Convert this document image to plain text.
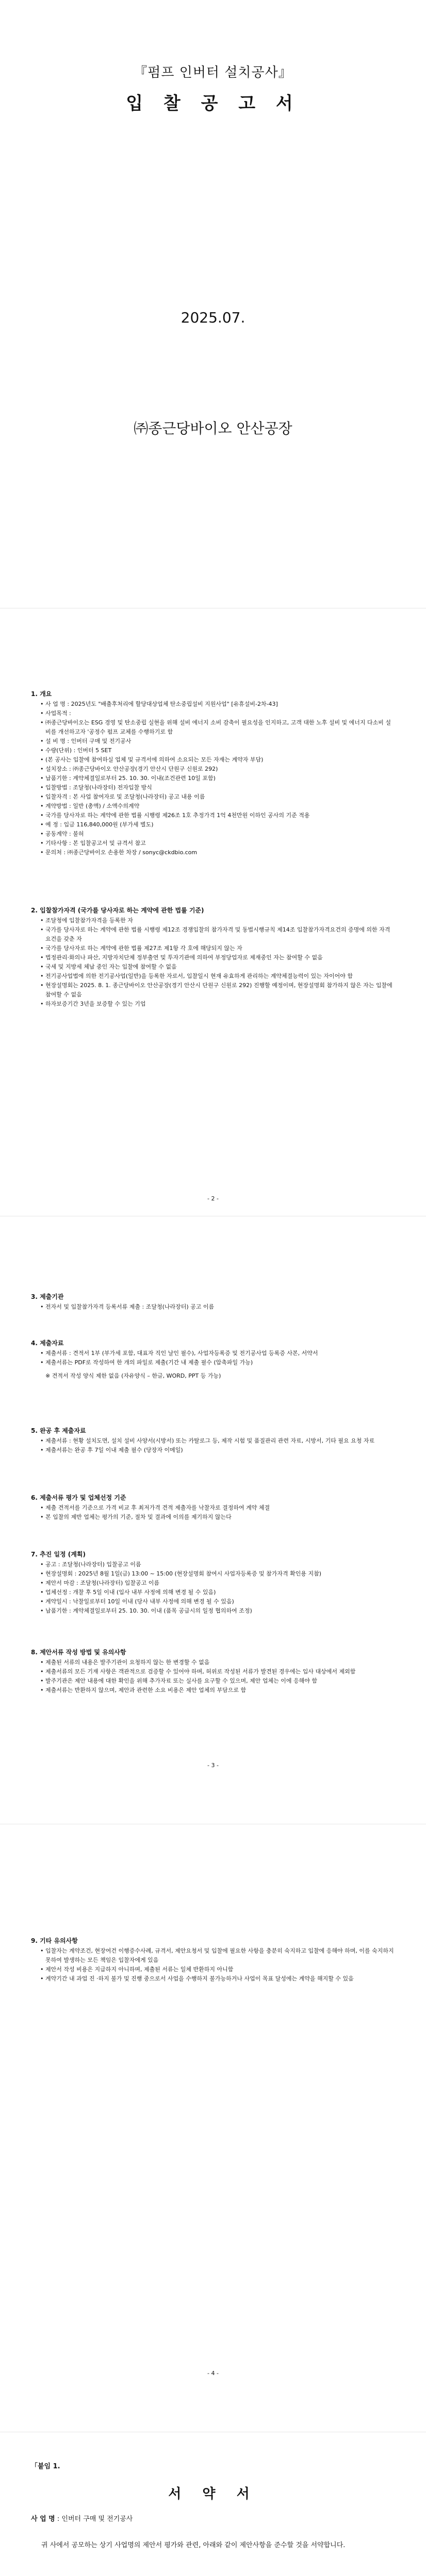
『펌프 인버터 설치공사』
입 찰 공 고 서
2025.07.
㈜종근당바이오 안산공장
1. 개요
• 사 업 명 : 2025년도 "배출후처리에 할당대상업체 탄소중립설비 지원사업" [유휴설비-2차-43]
• 사업목적 :
• ㈜종근당바이오는 ESG 경영 및 탄소중립 실현을 위해 설비 에너지 소비 감축이 필요성을 인지하고, 고객 대한 노후 설비 및 에너지 다소비 설비를 개선하고자 '공정수 펌프 교체를 수행하기로 함
• 설 비 명 : 인버터 구매 및 전기공사
• 수량(단위) : 인버터 5 SET
• (본 공사는 입찰에 참여하실 업체 및 규격서에 의하여 소요되는 모든 자재는 계약자 부담)
• 설치장소 : ㈜종근당바이오 안산공장(경기 안산시 단원구 신원로 292)
• 납품기한 : 계약체결일로부터 25. 10. 30. 이내(조건관련 10일 포함)
• 입찰방법 : 조달청(나라장터) 전자입찰 방식
• 입찰자격 : 본 사업 참여자로 및 조달청(나라장터) 공고 내용 이름
• 계약방법 : 일반 (총액) / 소액수의계약
• 국가를 당사자로 하는 계약에 관한 법률 시행령 제26조 1호 추정가격 1억 4천만원 이하인 공사의 기준 적용
• 예 정 : 입금 116,840,000원 (부가세 별도)
• 공동계약 : 불허
• 기타사항 : 본 입찰공고서 및 규격서 참고
• 문의처 : ㈜종근당바이오 손용한 차장 / sonyc@ckdbio.com
2. 입찰참가자격 (국가를 당사자로 하는 계약에 관한 법률 기준)
• 조달청에 입찰참가자격을 등록한 자
• 국가를 당사자로 하는 계약에 관한 법률 시행령 제12조 경쟁입찰의 참가자격 및 동법시행규칙 제14조 입찰참가자격요건의 증명에 의한 자격 요건을 갖춘 자
• 국가를 당사자로 하는 계약에 관한 법률 제27조 제1항 각 호에 해당되지 않는 자
• 법정관리·화의나 파산, 지방자치단체 정부출연 및 투자기관에 의하여 부정당업자로 제재중인 자는 참여할 수 없음
• 국세 및 지방세 체납 중인 자는 입찰에 참여할 수 없음
• 전기공사업법에 의한 전기공사업(일반)을 등록한 자로서, 입찰일시 현재 유효하게 관리하는 계약체결능력이 있는 자이어야 함
• 현장설명회는 2025. 8. 1. 종근당바이오 안산공장(경기 안산시 단원구 신원로 292) 진행할 예정이며, 현장설명회 참가하지 않은 자는 입찰에 참여할 수 없음
• 하자보증기간 3년을 보증할 수 있는 기업
- 2 -
3. 제출기관
• 전자서 및 입찰참가자격 등록서류 제출 : 조달청(나라장터) 공고 이름
4. 제출자료
• 제출서류 : 견적서 1부 (부가세 포함, 대표자 직인 날인 필수), 사업자등록증 및 전기공사업 등록증 사본, 서약서
• 제출서류는 PDF로 작성하여 한 개의 파일로 제출(기간 내 제출 필수 (압축파일 가능)
※ 견적서 작성 양식 제한 없음 (자유양식 – 한글, WORD, PPT 등 가능)
5. 완공 후 제출자료
• 제출서류 : 현황 설치도면, 설치 설비 사양서(시방서) 또는 카탈로그 등, 제작 시험 및 품질관리 관련 자료, 시방서, 기타 필요 요청 자료
• 제출서류는 완공 후 7일 이내 제출 필수 (당장자 이메일)
6. 제출서류 평가 및 업체선정 기준
• 제출 견적서를 기준으로 가격 비교 후 최저가격 견적 제출자를 낙찰자로 결정하여 계약 체결
• 본 입찰의 제반 업체는 평가의 기준, 절차 및 결과에 이의를 제기하지 않는다
7. 추진 일정 (계획)
• 공고 : 조달청(나라장터) 입찰공고 이름
• 현장설명회 : 2025년 8월 1일(금) 13:00 ~ 15:00 (현장설명회 참여시 사업자등록증 및 참가자격 확인용 지참)
• 제안서 마감 : 조달청(나라장터) 입찰공고 이름
• 업체선정 : 개찰 후 5일 이내 (입사 내부 사정에 의해 변경 될 수 있음)
• 계약일시 : 낙찰일로부터 10일 이내 (당사 내부 사정에 의해 변경 될 수 있음)
• 납품기한 : 계약체결일로부터 25. 10. 30. 이내 (품목 공급시의 일정 협의하여 조정)
8. 제안서류 작성 방법 및 유의사항
• 제출된 서류의 내용은 발주기관이 요청하지 않는 한 변경할 수 없음
• 제출서류의 모든 기재 사항은 객관적으로 검증할 수 있어야 하며, 허위로 작성된 서류가 발견된 경우에는 입사 대상에서 제외함
• 발주기관은 제안 내용에 대한 확인을 위해 추가자료 또는 실사를 요구할 수 있으며, 제안 업체는 이에 응해야 함
• 제출서류는 반환하지 않으며, 제안과 관련한 소요 비용은 제안 업체의 부담으로 함
- 3 -
9. 기타 유의사항
• 입찰자는 계약조건, 현장여건 이행증수사례, 규격서, 제안요청서 및 입찰에 필요한 사항을 충분히 숙지하고 입찰에 응해야 하며, 이를 숙지하지 못하여 발생하는 모든 책임은 입찰자에게 있음
• 제안서 작성 비용은 지급하지 아니하며, 제출된 서류는 일체 반환하지 아니함
• 계약기간 내 과업 진 ·하지 불가 및 진행 중으로서 사업을 수행하지 불가능하거나 사업이 목표 달성에는 계약을 해지할 수 있음
- 4 -
「붙임 1.
서 약 서
사 업 명 : 인버터 구매 및 전기공사
귀 사에서 공모하는 상기 사업명의 제안서 평가와 관련, 아래와 같이 제안사항을 준수할 것을 서약합니다.
